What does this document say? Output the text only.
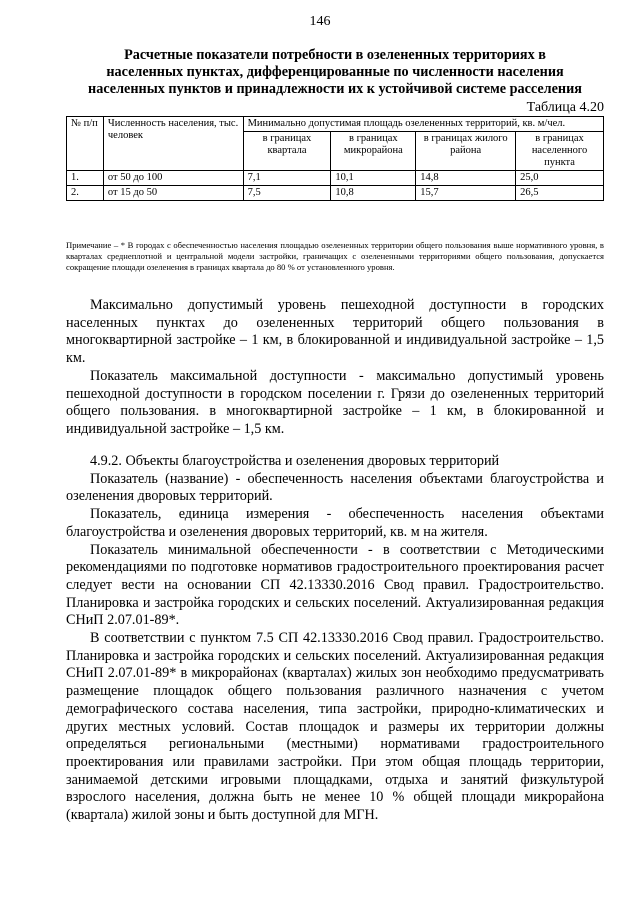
146
Расчетные показатели потребности в озелененных территориях в населенных пунктах, дифференцированные по численности населения населенных пунктов и принадлежности их к устойчивой системе расселения
Таблица 4.20
№ п/п	Численность населения, тыс. человек	Минимально допустимая площадь озелененных территорий, кв. м/чел.			
		в границах квартала	в границах микрорайона	в границах жилого района	в границах населенного пункта
1.	от 50 до 100	7,1	10,1	14,8	25,0
2.	от 15 до 50	7,5	10,8	15,7	26,5
Примечание – * В городах с обеспеченностью населения площадью озелененных территории общего пользования выше нормативного уровня, в кварталах среднеплотной и центральной модели застройки, граничащих с озелененными территориями общего пользования, допускается сокращение площади озеленения в границах квартала до 80 % от установленного уровня.

Максимально допустимый уровень пешеходной доступности в городских населенных пунктах до озелененных территорий общего пользования в многоквартирной застройке – 1 км, в блокированной и индивидуальной застройке – 1,5 км.

Показатель максимальной доступности - максимально допустимый уровень пешеходной доступности в городском поселении г. Грязи до озелененных территорий общего пользования. в многоквартирной застройке – 1 км, в блокированной и индивидуальной застройке – 1,5 км.

4.9.2. Объекты благоустройства и озеленения дворовых территорий

Показатель (название) - обеспеченность населения объектами благоустройства и озеленения дворовых территорий.

Показатель, единица измерения - обеспеченность населения объектами благоустройства и озеленения дворовых территорий, кв. м на жителя.

Показатель минимальной обеспеченности - в соответствии с Методическими рекомендациями по подготовке нормативов градостроительного проектирования расчет следует вести на основании СП 42.13330.2016 Свод правил. Градостроительство. Планировка и застройка городских и сельских поселений. Актуализированная редакция СНиП 2.07.01-89*.

В соответствии с пунктом 7.5 СП 42.13330.2016 Свод правил. Градостроительство. Планировка и застройка городских и сельских поселений. Актуализированная редакция СНиП 2.07.01-89* в микрорайонах (кварталах) жилых зон необходимо предусматривать размещение площадок общего пользования различного назначения с учетом демографического состава населения, типа застройки, природно-климатических и других местных условий. Состав площадок и размеры их территории должны определяться региональными (местными) нормативами градостроительного проектирования или правилами застройки. При этом общая площадь территории, занимаемой детскими игровыми площадками, отдыха и занятий физкультурой взрослого населения, должна быть не менее 10 % общей площади микрорайона (квартала) жилой зоны и быть доступной для МГН.
